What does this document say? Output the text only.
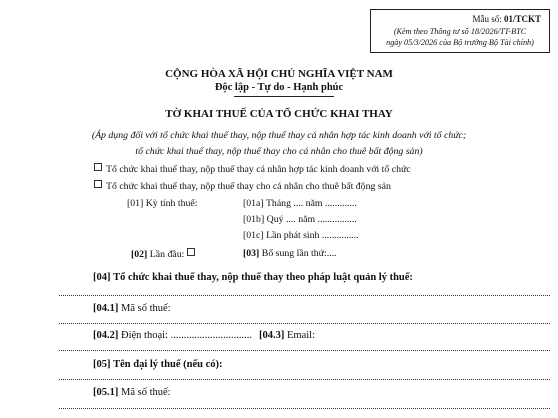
Mẫu số: 01/TCKT
(Kèm theo Thông tư số 18/2026/TT-BTC
ngày 05/3/2026 của Bộ trưởng Bộ Tài chính)
CỘNG HÒA XÃ HỘI CHỦ NGHĨA VIỆT NAM
Độc lập - Tự do - Hạnh phúc
TỜ KHAI THUẾ CỦA TỔ CHỨC KHAI THAY
(Áp dụng đối với tổ chức khai thuế thay, nộp thuế thay cá nhân hợp tác kinh doanh với tổ chức;
tổ chức khai thuế thay, nộp thuế thay cho cá nhân cho thuê bất động sản)
Tổ chức khai thuế thay, nộp thuế thay cá nhân hợp tác kinh doanh với tổ chức
Tổ chức khai thuế thay, nộp thuế thay cho cá nhân cho thuê bất động sản
[01] Kỳ tính thuế:	[01a] Tháng .... năm .............
[01b] Quý .... năm ................
[01c] Lần phát sinh ...............
[02] Lần đầu:	[03] Bổ sung lần thứ:....
[04] Tổ chức khai thuế thay, nộp thuế thay theo pháp luật quản lý thuế:
[04.1] Mã số thuế:
[04.2] Điện thoại: ............................... [04.3] Email:
[05] Tên đại lý thuế (nếu có):
[05.1] Mã số thuế:
